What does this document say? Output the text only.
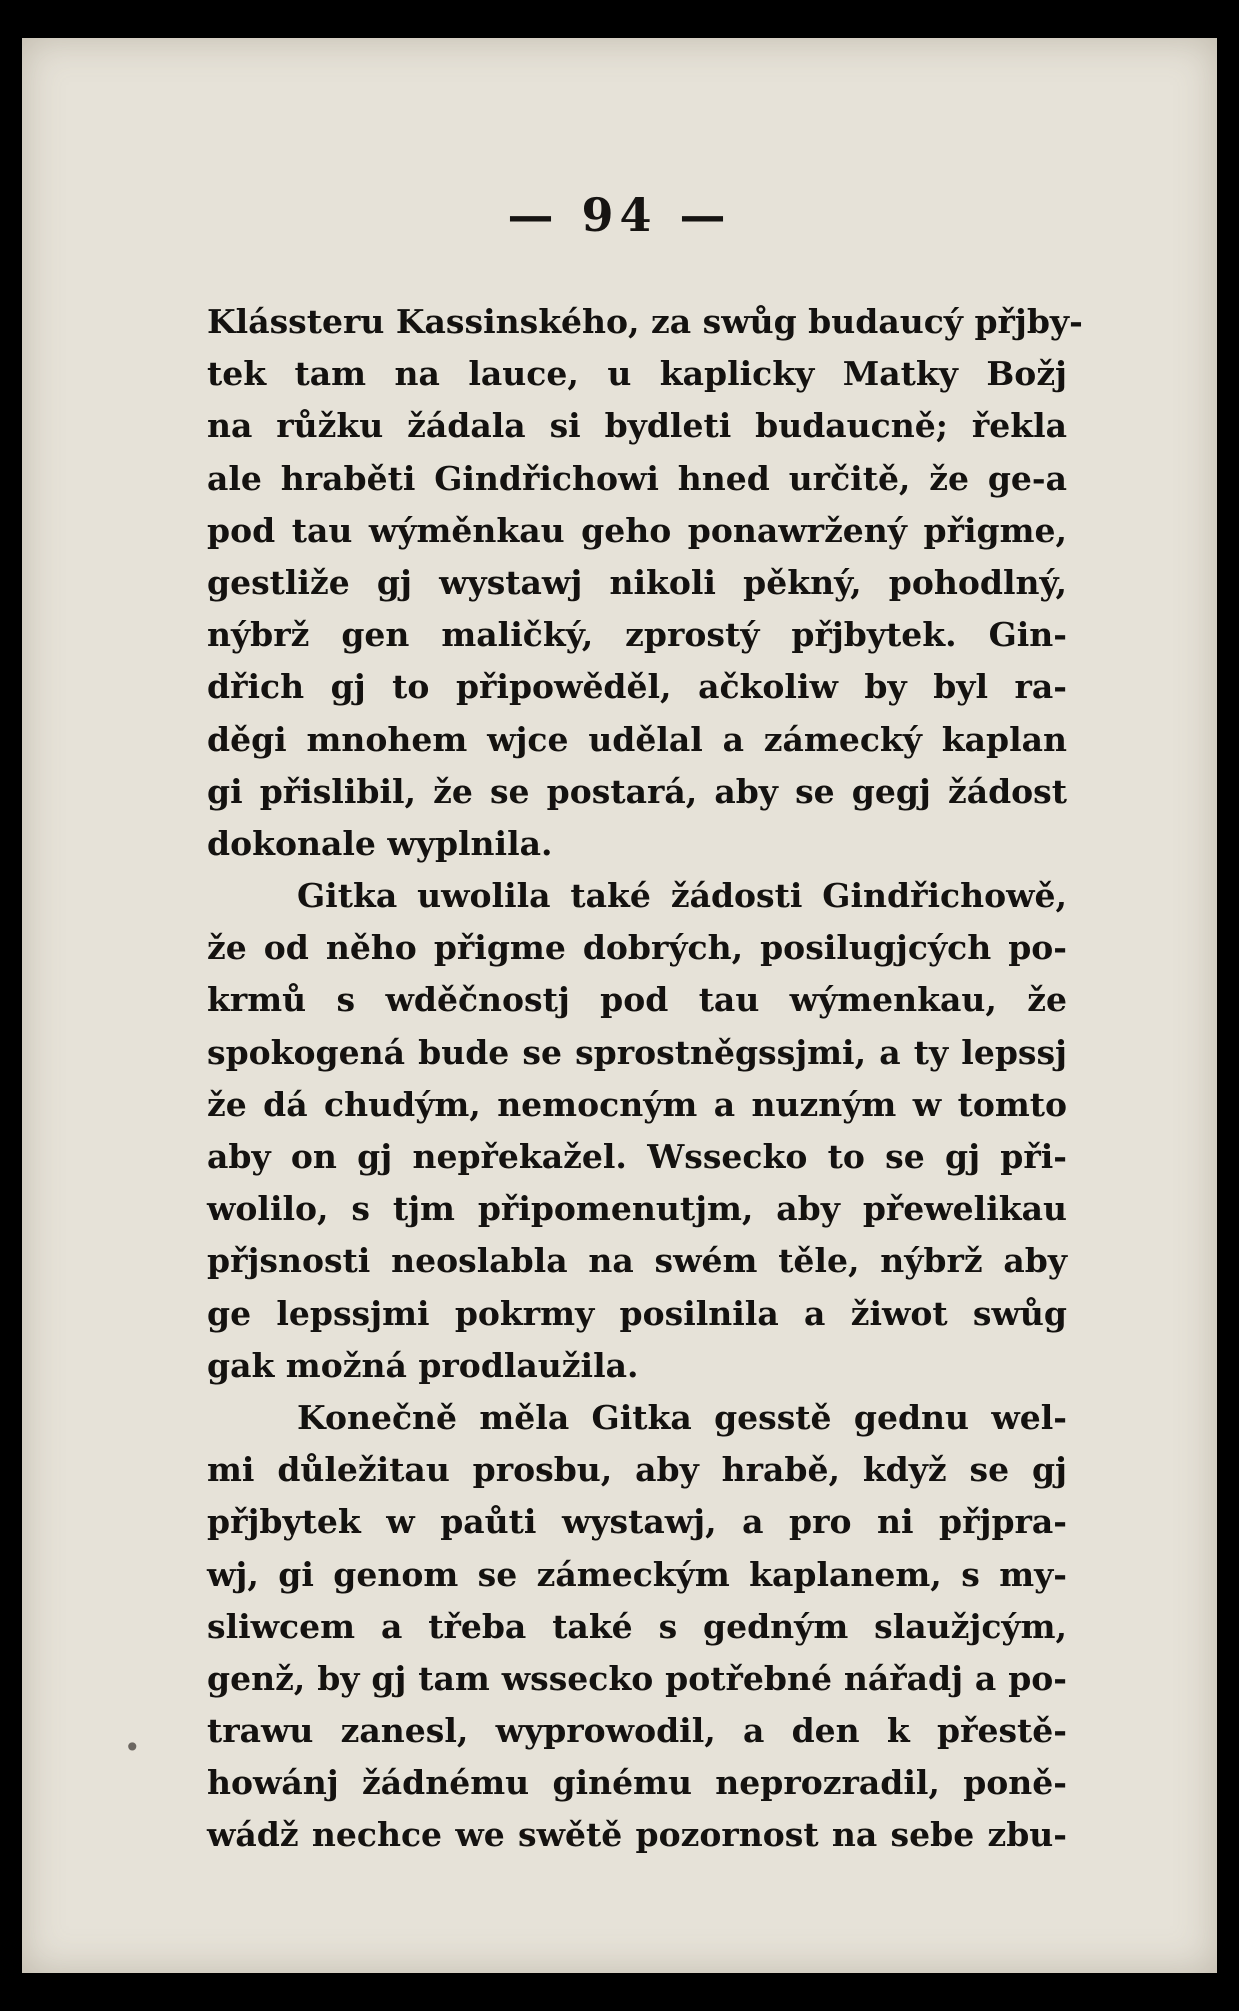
— 94 —
Klássteru Kassinského, za swůg budaucý přjby-
tek tam na lauce, u kaplicky Matky Božj
na růžku žádala si bydleti budaucně; řekla
ale hraběti Gindřichowi hned určitě, že ge-a
pod tau wýměnkau geho ponawržený přigme,
gestliže gj wystawj nikoli pěkný, pohodlný,
nýbrž gen maličký, zprostý přjbytek. Gin-
dřich gj to připowěděl, ačkoliw by byl ra-
děgi mnohem wjce udělal a zámecký kaplan
gi přislibil, že se postará, aby se gegj žádost
dokonale wyplnila.
Gitka uwolila také žádosti Gindřichowě,
že od něho přigme dobrých, posilugjcých po-
krmů s wděčnostj pod tau wýmenkau, že
spokogená bude se sprostněgssjmi, a ty lepssj
že dá chudým, nemocným a nuzným w tomto
aby on gj nepřekažel. Wssecko to se gj při-
wolilo, s tjm připomenutjm, aby přewelikau
přjsnosti neoslabla na swém těle, nýbrž aby
ge lepssjmi pokrmy posilnila a žiwot swůg
gak možná prodlaužila.
Konečně měla Gitka gesstě gednu wel-
mi důležitau prosbu, aby hrabě, když se gj
přjbytek w paůti wystawj, a pro ni přjpra-
wj, gi genom se zámeckým kaplanem, s my-
sliwcem a třeba také s gedným slaužjcým,
genž, by gj tam wssecko potřebné nářadj a po-
trawu zanesl, wyprowodil, a den k přestě-
howánj žádnému ginému neprozradil, poně-
wádž nechce we swětě pozornost na sebe zbu-
•
